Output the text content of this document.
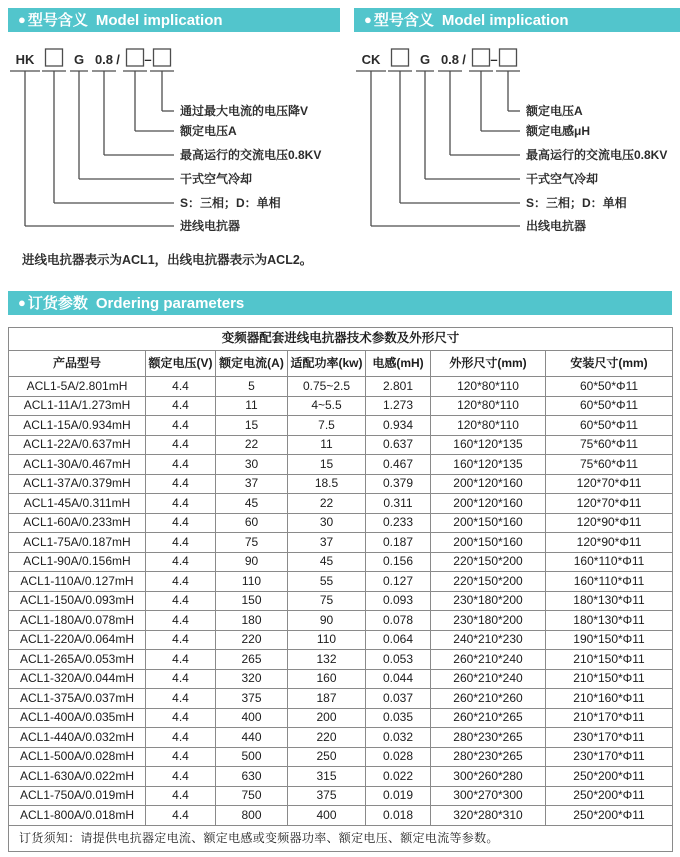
● 型号含义 Model implication
HK
进线电抗器
S：三相；D：单相
G
干式空气冷却
0.8
最高运行的交流电压0.8KV
/
额定电压A
–
通过最大电流的电压降V
进线电抗器表示为ACL1，出线电抗器表示为ACL2。
● 型号含义 Model implication
CK
出线电抗器
S：三相；D：单相
G
干式空气冷却
0.8
最高运行的交流电压0.8KV
/
额定电感μH
–
额定电压A
● 订货参数 Ordering parameters
变频器配套进线电抗器技术参数及外形尺寸						
产品型号	额定电压(V)	额定电流(A)	适配功率(kw)	电感(mH)	外形尺寸(mm)	安装尺寸(mm)
ACL1-5A/2.801mH	4.4	5	0.75~2.5	2.801	120*80*110	60*50*Φ11
ACL1-11A/1.273mH	4.4	11	4~5.5	1.273	120*80*110	60*50*Φ11
ACL1-15A/0.934mH	4.4	15	7.5	0.934	120*80*110	60*50*Φ11
ACL1-22A/0.637mH	4.4	22	11	0.637	160*120*135	75*60*Φ11
ACL1-30A/0.467mH	4.4	30	15	0.467	160*120*135	75*60*Φ11
ACL1-37A/0.379mH	4.4	37	18.5	0.379	200*120*160	120*70*Φ11
ACL1-45A/0.311mH	4.4	45	22	0.311	200*120*160	120*70*Φ11
ACL1-60A/0.233mH	4.4	60	30	0.233	200*150*160	120*90*Φ11
ACL1-75A/0.187mH	4.4	75	37	0.187	200*150*160	120*90*Φ11
ACL1-90A/0.156mH	4.4	90	45	0.156	220*150*200	160*110*Φ11
ACL1-110A/0.127mH	4.4	110	55	0.127	220*150*200	160*110*Φ11
ACL1-150A/0.093mH	4.4	150	75	0.093	230*180*200	180*130*Φ11
ACL1-180A/0.078mH	4.4	180	90	0.078	230*180*200	180*130*Φ11
ACL1-220A/0.064mH	4.4	220	110	0.064	240*210*230	190*150*Φ11
ACL1-265A/0.053mH	4.4	265	132	0.053	260*210*240	210*150*Φ11
ACL1-320A/0.044mH	4.4	320	160	0.044	260*210*240	210*150*Φ11
ACL1-375A/0.037mH	4.4	375	187	0.037	260*210*260	210*160*Φ11
ACL1-400A/0.035mH	4.4	400	200	0.035	260*210*265	210*170*Φ11
ACL1-440A/0.032mH	4.4	440	220	0.032	280*230*265	230*170*Φ11
ACL1-500A/0.028mH	4.4	500	250	0.028	280*230*265	230*170*Φ11
ACL1-630A/0.022mH	4.4	630	315	0.022	300*260*280	250*200*Φ11
ACL1-750A/0.019mH	4.4	750	375	0.019	300*270*300	250*200*Φ11
ACL1-800A/0.018mH	4.4	800	400	0.018	320*280*310	250*200*Φ11
订货须知：请提供电抗器定电流、额定电感或变频器功率、额定电压、额定电流等参数。						
